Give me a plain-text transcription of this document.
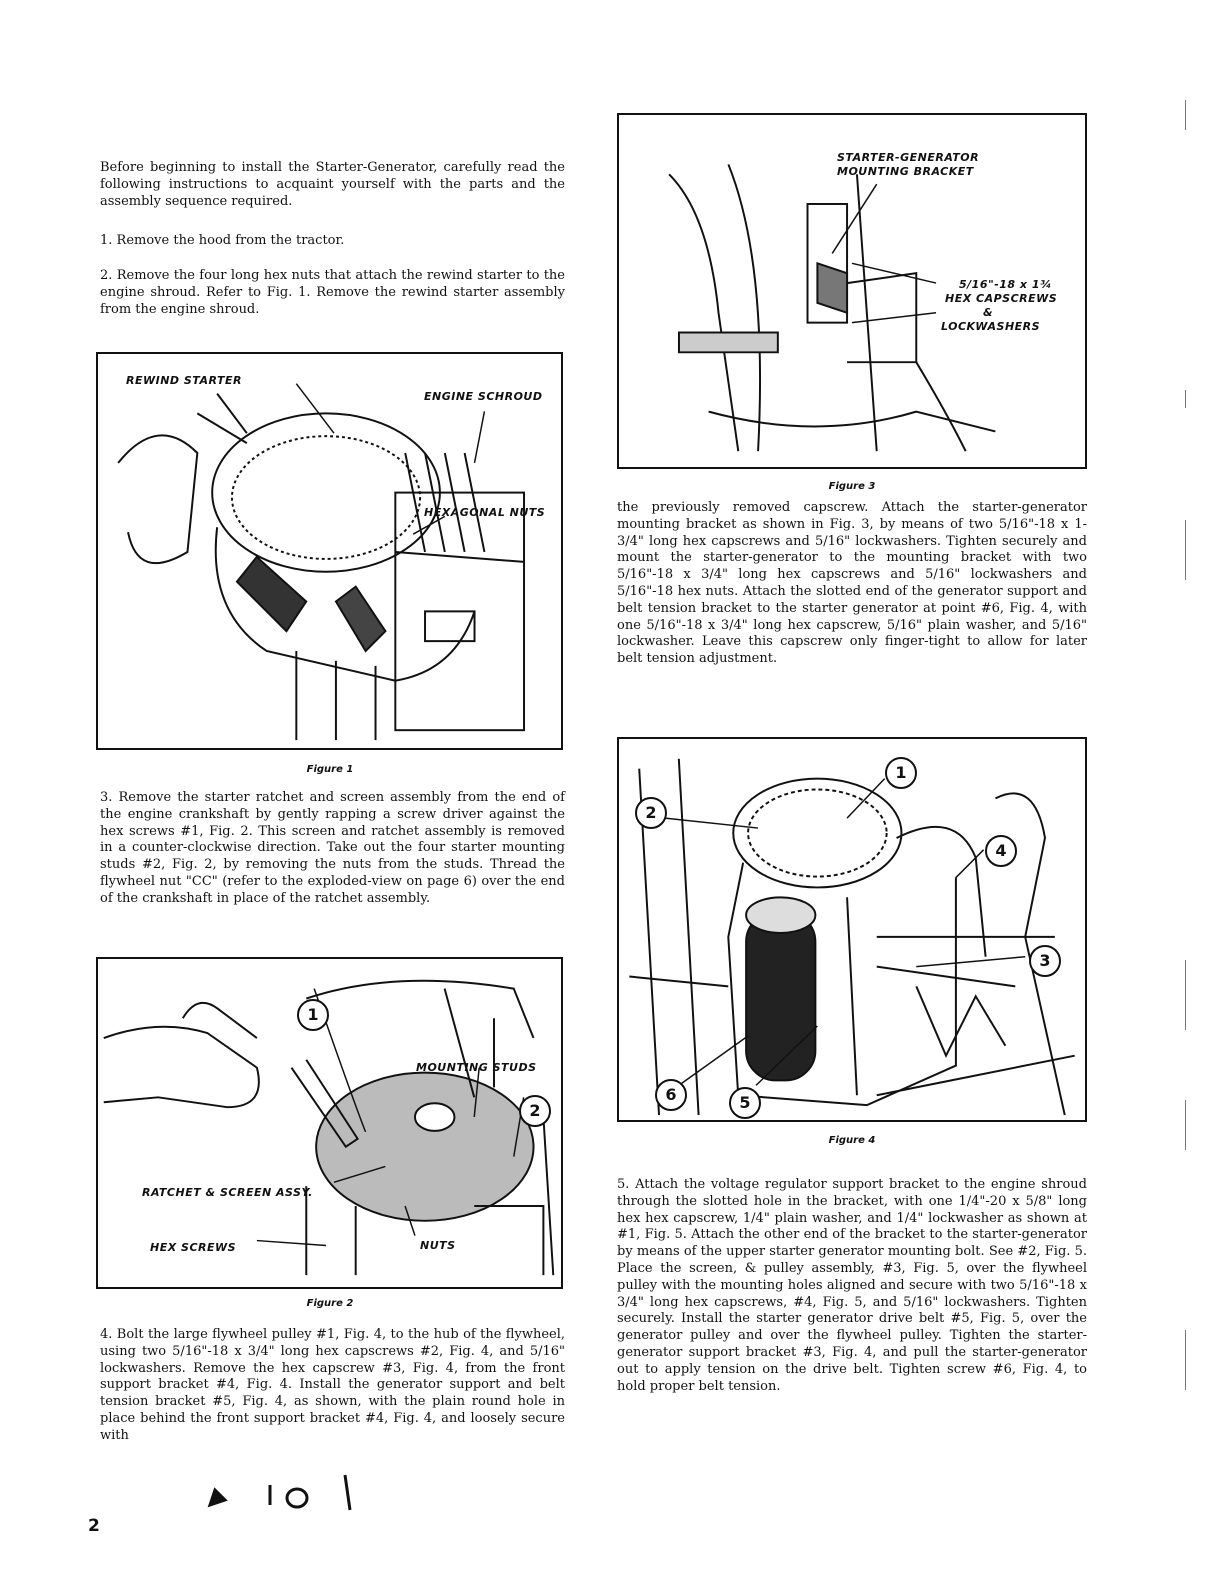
Before beginning to install the Starter-Generator, carefully read the following instructions to acquaint yourself with the parts and the assembly sequence required.

1. Remove the hood from the tractor.

2. Remove the four long hex nuts that attach the rewind starter to the engine shroud. Refer to Fig. 1. Remove the rewind starter assembly from the engine shroud.

3. Remove the starter ratchet and screen assembly from the end of the engine crankshaft by gently rapping a screw driver against the hex screws #1, Fig. 2. This screen and ratchet assembly is removed in a counter-clockwise direction. Take out the four starter mounting studs #2, Fig. 2, by removing the nuts from the studs. Thread the flywheel nut "CC" (refer to the exploded-view on page 6) over the end of the crankshaft in place of the ratchet assembly.

4. Bolt the large flywheel pulley #1, Fig. 4, to the hub of the flywheel, using two 5/16"-18 x 3/4" long hex capscrews #2, Fig. 4, and 5/16" lockwashers. Remove the hex capscrew #3, Fig. 4, from the front support bracket #4, Fig. 4. Install the generator support and belt tension bracket #5, Fig. 4, as shown, with the plain round hole in place behind the front support bracket #4, Fig. 4, and loosely secure with

REWIND STARTER
ENGINE SCHROUD
HEXAGONAL NUTS
Figure 1
1
2
MOUNTING STUDS
RATCHET & SCREEN ASSY.
HEX SCREWS	NUTS
Figure 2
2
STARTER-GENERATOR
MOUNTING BRACKET
5/16"-18 x 1¾
HEX CAPSCREWS
&
LOCKWASHERS
Figure 3

the previously removed capscrew. Attach the starter-generator mounting bracket as shown in Fig. 3, by means of two 5/16"-18 x 1-3/4" long hex capscrews and 5/16" lockwashers. Tighten securely and mount the starter-generator to the mounting bracket with two 5/16"-18 x 3/4" long hex capscrews and 5/16" lockwashers and 5/16"-18 hex nuts. Attach the slotted end of the generator support and belt tension bracket to the starter generator at point #6, Fig. 4, with one 5/16"-18 x 3/4" long hex capscrew, 5/16" plain washer, and 5/16" lockwasher. Leave this capscrew only finger-tight to allow for later belt tension adjustment.

1
2
3
4
5
6
Figure 4

5. Attach the voltage regulator support bracket to the engine shroud through the slotted hole in the bracket, with one 1/4"-20 x 5/8" long hex hex capscrew, 1/4" plain washer, and 1/4" lockwasher as shown at #1, Fig. 5. Attach the other end of the bracket to the starter-generator by means of the upper starter generator mounting bolt. See #2, Fig. 5. Place the screen, & pulley assembly, #3, Fig. 5, over the flywheel pulley with the mounting holes aligned and secure with two 5/16"-18 x 3/4" long hex capscrews, #4, Fig. 5, and 5/16" lockwashers. Tighten securely. Install the starter generator drive belt #5, Fig. 5, over the generator pulley and over the flywheel pulley. Tighten the starter-generator support bracket #3, Fig. 4, and pull the starter-generator out to apply tension on the drive belt. Tighten screw #6, Fig. 4, to hold proper belt tension.
